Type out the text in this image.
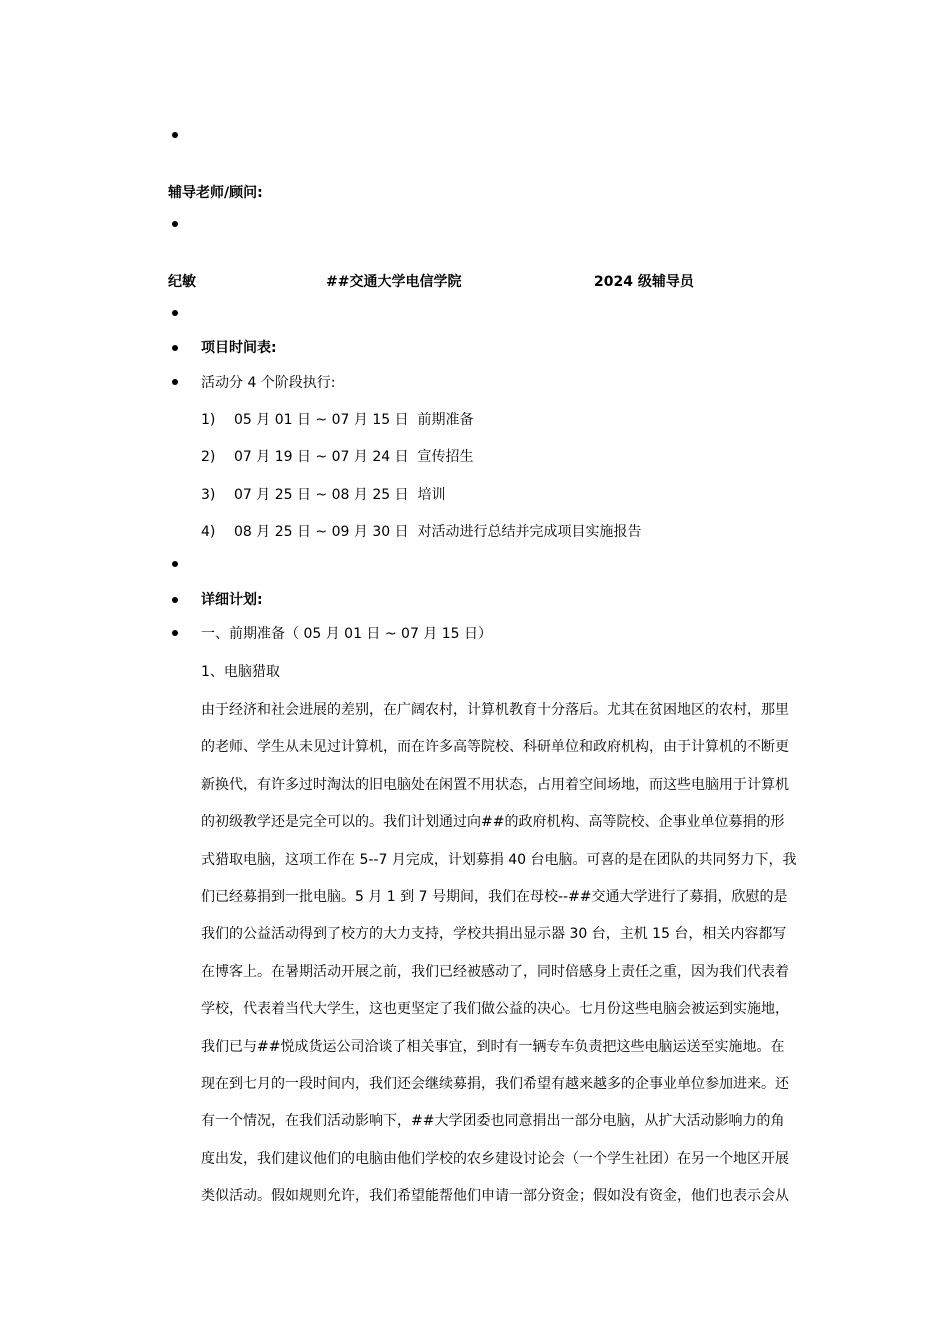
辅导老师/顾问:
纪敏	##交通大学电信学院	2024 级辅导员
项目时间表:
活动分 4 个阶段执行:
1) 05 月 01 日 ~ 07 月 15 日  前期准备
2) 07 月 19 日 ~ 07 月 24 日  宣传招生
3) 07 月 25 日 ~ 08 月 25 日  培训
4) 08 月 25 日 ~ 09 月 30 日  对活动进行总结并完成项目实施报告
详细计划:
一、前期准备（ 05 月 01 日 ~ 07 月 15 日）
1、电脑猎取
由于经济和社会进展的差别，在广阔农村，计算机教育十分落后。尤其在贫困地区的农村，那里
的老师、学生从未见过计算机，而在许多高等院校、科研单位和政府机构，由于计算机的不断更
新换代，有许多过时淘汰的旧电脑处在闲置不用状态，占用着空间场地，而这些电脑用于计算机
的初级教学还是完全可以的。我们计划通过向##的政府机构、高等院校、企事业单位募捐的形
式猎取电脑，这项工作在 5--7 月完成，计划募捐 40 台电脑。可喜的是在团队的共同努力下，我
们已经募捐到一批电脑。5 月 1 到 7 号期间，我们在母校--##交通大学进行了募捐，欣慰的是
我们的公益活动得到了校方的大力支持，学校共捐出显示器 30 台，主机 15 台，相关内容都写
在博客上。在暑期活动开展之前，我们已经被感动了，同时倍感身上责任之重，因为我们代表着
学校，代表着当代大学生，这也更坚定了我们做公益的决心。七月份这些电脑会被运到实施地，
我们已与##悦成货运公司洽谈了相关事宜，到时有一辆专车负责把这些电脑运送至实施地。在
现在到七月的一段时间内，我们还会继续募捐，我们希望有越来越多的企事业单位参加进来。还
有一个情况，在我们活动影响下，##大学团委也同意捐出一部分电脑，从扩大活动影响力的角
度出发，我们建议他们的电脑由他们学校的农乡建设讨论会（一个学生社团）在另一个地区开展
类似活动。假如规则允许，我们希望能帮他们申请一部分资金；假如没有资金，他们也表示会从
